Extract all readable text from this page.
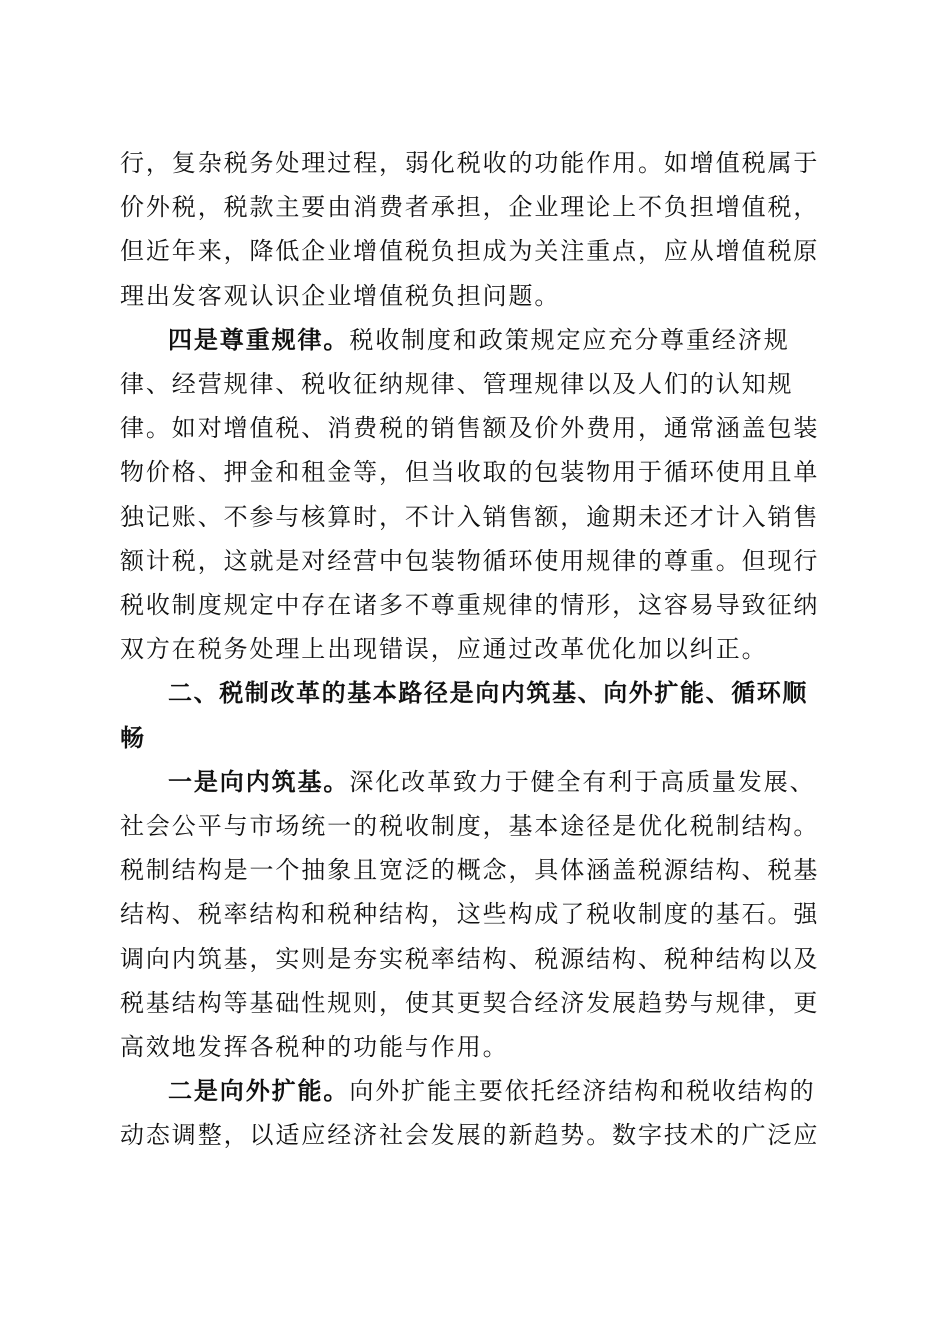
行，复杂税务处理过程，弱化税收的功能作用。如增值税属于价外税，税款主要由消费者承担，企业理论上不负担增值税，但近年来，降低企业增值税负担成为关注重点，应从增值税原理出发客观认识企业增值税负担问题。

四是尊重规律。税收制度和政策规定应充分尊重经济规律、经营规律、税收征纳规律、管理规律以及人们的认知规律。如对增值税、消费税的销售额及价外费用，通常涵盖包装物价格、押金和租金等，但当收取的包装物用于循环使用且单独记账、不参与核算时，不计入销售额，逾期未还才计入销售额计税，这就是对经营中包装物循环使用规律的尊重。但现行税收制度规定中存在诸多不尊重规律的情形，这容易导致征纳双方在税务处理上出现错误，应通过改革优化加以纠正。

二、税制改革的基本路径是向内筑基、向外扩能、循环顺畅

一是向内筑基。深化改革致力于健全有利于高质量发展、社会公平与市场统一的税收制度，基本途径是优化税制结构。税制结构是一个抽象且宽泛的概念，具体涵盖税源结构、税基结构、税率结构和税种结构，这些构成了税收制度的基石。强调向内筑基，实则是夯实税率结构、税源结构、税种结构以及税基结构等基础性规则，使其更契合经济发展趋势与规律，更高效地发挥各税种的功能与作用。

二是向外扩能。向外扩能主要依托经济结构和税收结构的动态调整，以适应经济社会发展的新趋势。数字技术的广泛应
